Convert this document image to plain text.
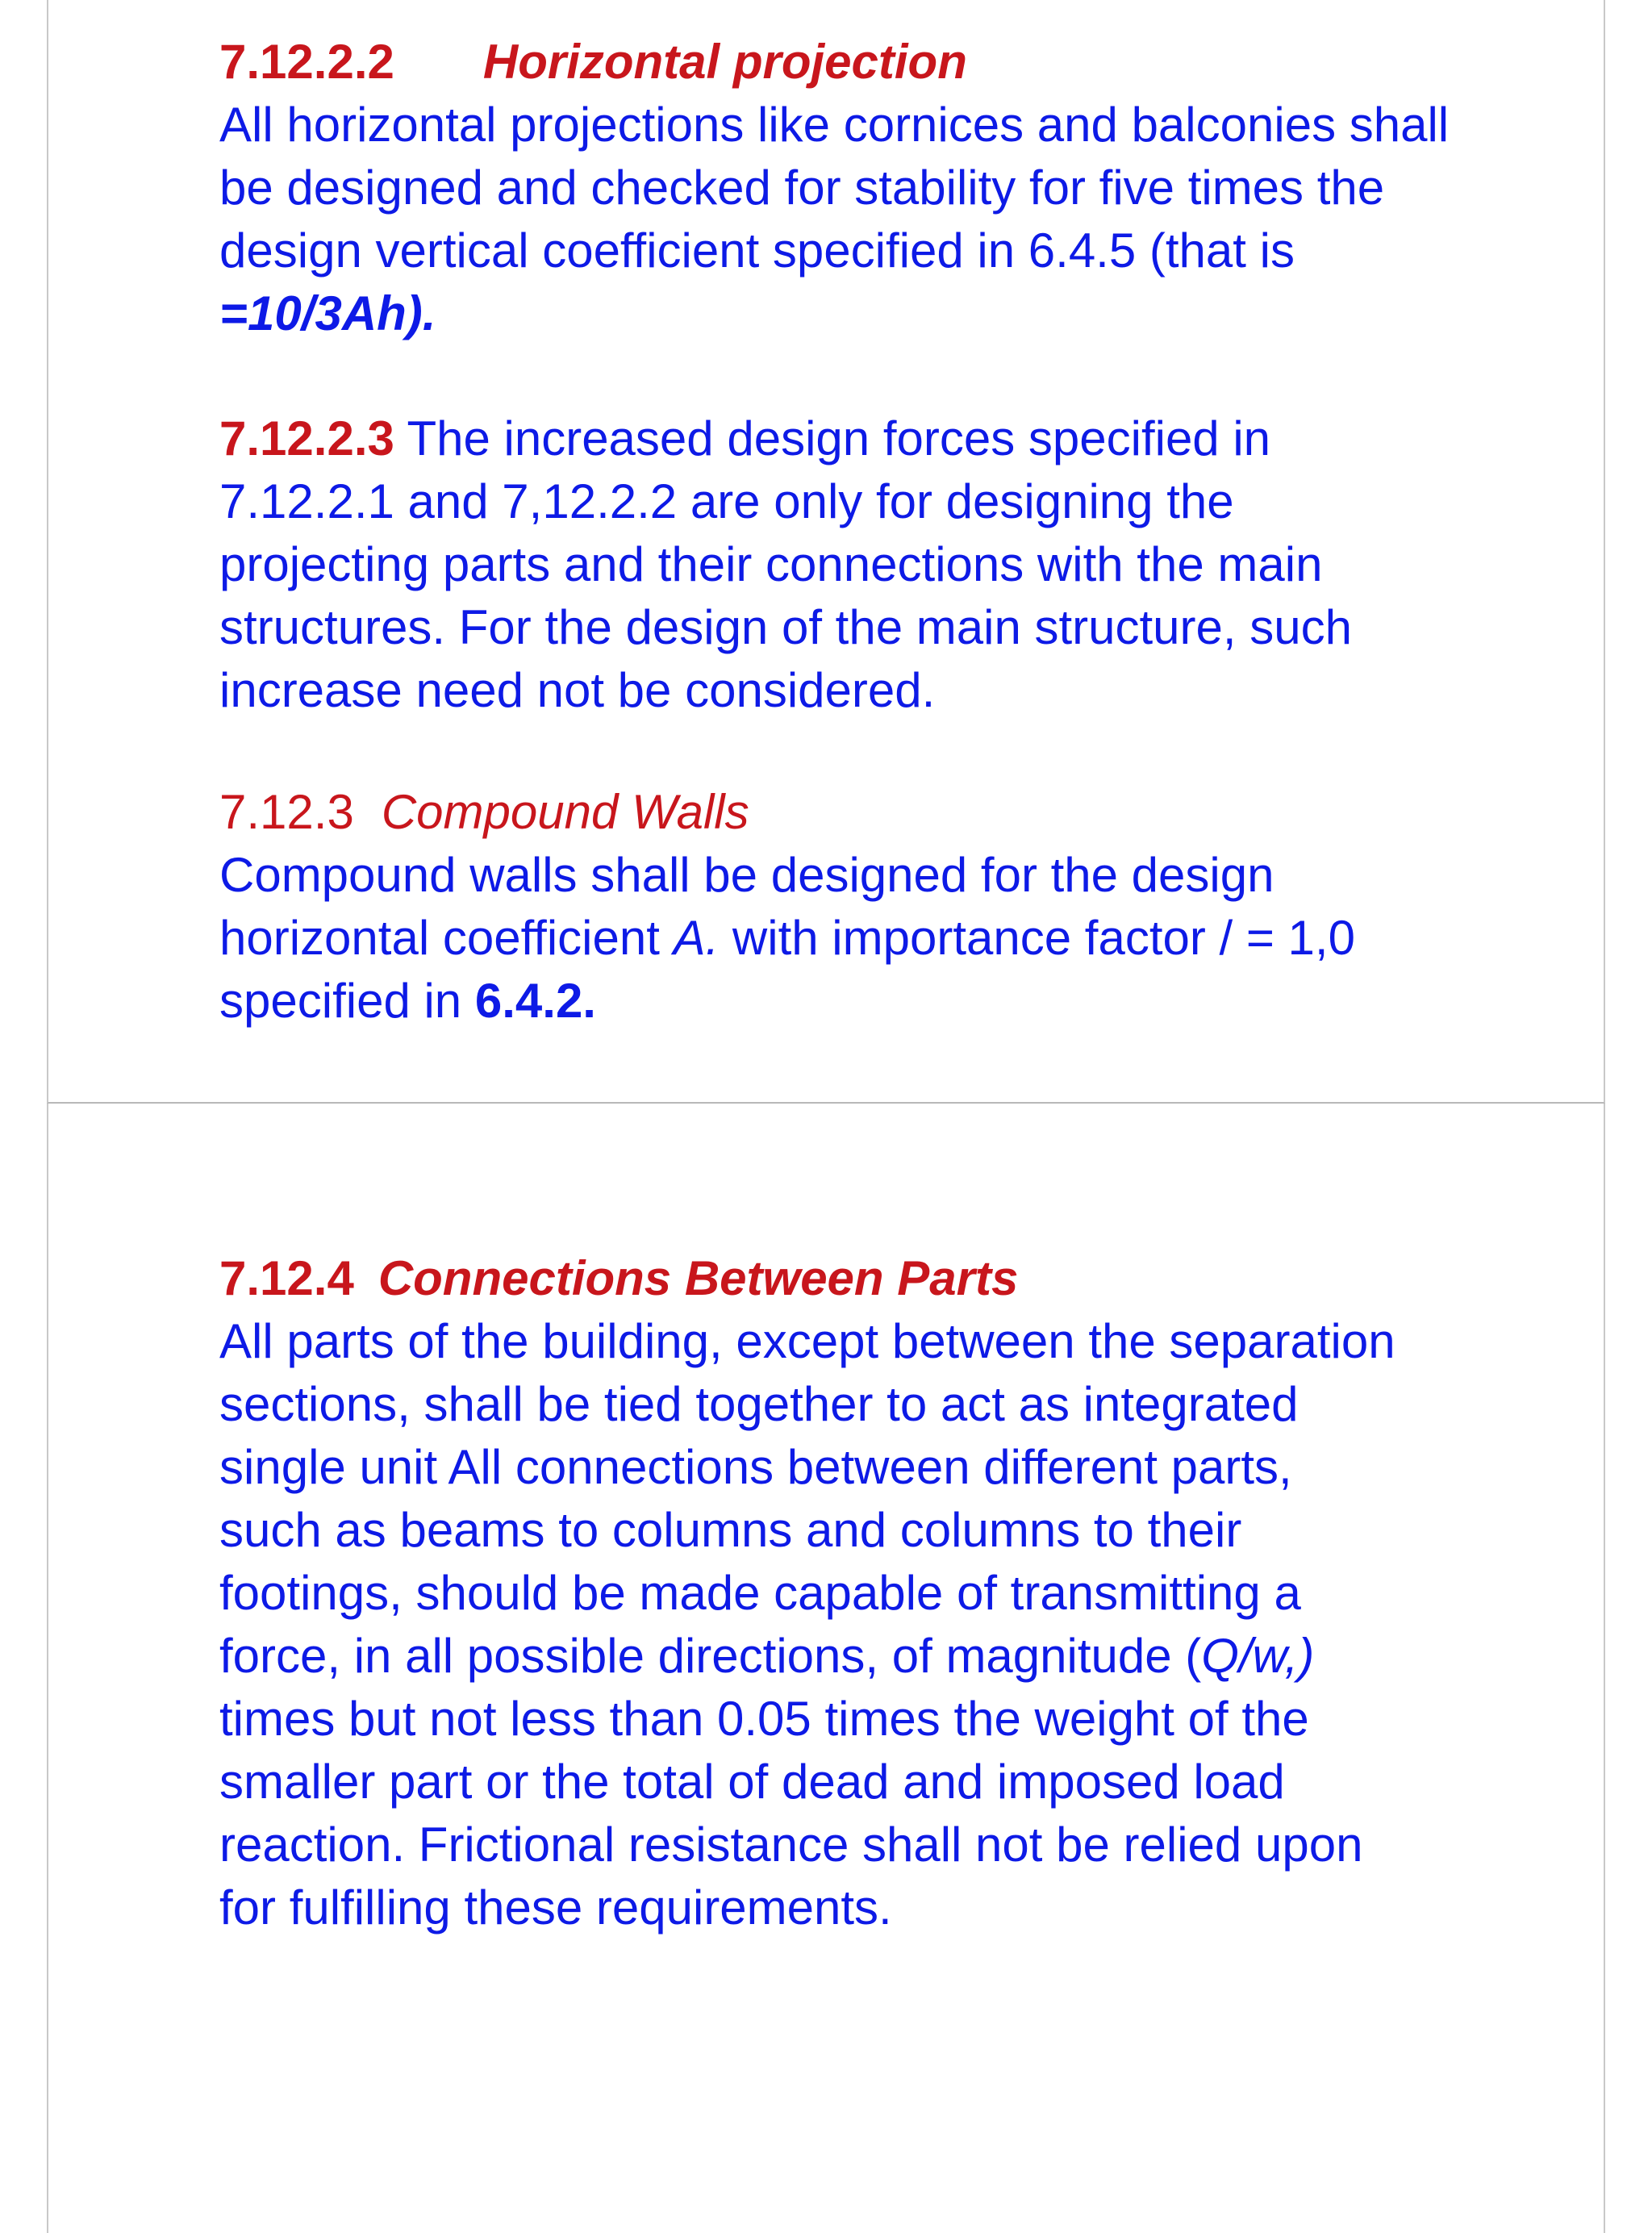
7.12.2.2 Horizontal projection

All horizontal projections like cornices and balconies shall

be designed and checked for stability for five times the

design vertical coefficient specified in 6.4.5 (that is

=10/3Ah).

7.12.2.3 The increased design forces specified in

7.12.2.1 and 7,12.2.2 are only for designing the

projecting parts and their connections with the main

structures. For the design of the main structure, such

increase need not be considered.

7.12.3 Compound Walls

Compound walls shall be designed for the design

horizontal coefficient A. with importance factor / = 1,0

specified in 6.4.2.

7.12.4 Connections Between Parts

All parts of the building, except between the separation

sections, shall be tied together to act as integrated

single unit All connections between different parts,

such as beams to columns and columns to their

footings, should be made capable of transmitting a

force, in all possible directions, of magnitude (Q/w,)

times but not less than 0.05 times the weight of the

smaller part or the total of dead and imposed load

reaction. Frictional resistance shall not be relied upon

for fulfilling these requirements.
